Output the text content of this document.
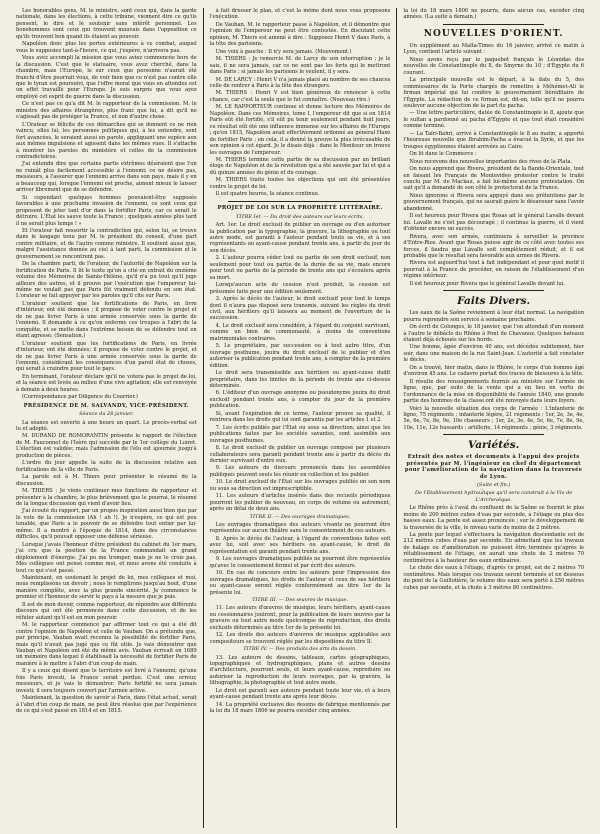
Les honorables gens, M. le ministre, sont ceux qui, dans la garde nationale, dans les élections, à cette tribune, viennent dire ce qu'ils pensent, le dire et le soutenir sans intérêt personnel. Les bonshommes sont ceux qui trouvent mauvais dans l'opposition ce qu'ils trouvent bon quand ils étaient au pouvoir.

Napoléon donc plus les portes extérieures à ce combat, auquel vous le supposiez tant-à-l'heure, ce qui, j'espère, n'arrivera pas.

Vous avez accompli la mission que vous aviez commencée hors de la discussion. C'est que le statuaire, vous avez cherché, dans la chambre, mais l'Europe, le sur ceux que personne n'aurait été franchi d'être pourrait vous, de voir bien que ce n'est pas contre elle que le tyran est poursuivi, que l'offre moral que vous en attendez est un effet travaillé pour l'Europe. Je suis surpris que vous ayez employé cet esprit de guerre dans la discussion.

Ce n'est pas ce qu'a dit M. le rapporteur de la commission. M. le ministre des affaires étrangères, plus franc que lui, a dit qu'il ne s'agissait pas de protéger la France, et non d'autre chose.

L'Orateur se félicite de ces démarches qui se donnent ce ne rien vaincu, elles lui, les personnes politiques qui, à les entendre, sont fort avancées, le seraient aussi en parole, appliquant une espèce aux aux mêmes impulsions et agissent dans les mêmes vues. Il s'attache à montrer les paroles du ministère et celles de la commission contradictoires.

J'ai entendu dire que certains partis extrêmes désiraient que l'on ne ruinât plus facilement accessible à l'ennemi; ce ne désire pas, messieurs, à l'assurer que l'ennemi arrive dans son pays, mais il y en a beaucoup qui, lorsque l'ennemi est proche, aiment mieux le laisser arriver librement que de se défendre.

Si cependant quelques hommes pouvaient-être supposés favorables à une prochaine invasion de l'ennemi, ce sont ceux qui proposent de jeter tant d'or dans la fortifier Paris, car ce serait le détruire. L'État les sauve toute la France ; quelques années plus tard il ne serait plus temps ! »

Et l'orateur fait ressortir la contradiction qui, selon lui, se trouve dans le langage tenu par M. le président du conseil, d'une part contre militaire, et de l'autre comme ministre. Il soutient aussi que, malgré l'assistance donnée au ciel à tant parti, la commission et le gouvernement se rencontrent pas.

De la chambre parti, de l'orateur, de l'autorité de Napoléon sur la fortification de Paris. Il lit le texte qu'on a cité en extrait du onzième volume des Mémoires de Sainte-Hélène, qu'il n'a pu tout qu'il juge ailleurs des autres, et il prouve par l'exécution que l'empereur lui-même ne voulait pas que Paris fût vraiment défendu en son état. L'orateur se fait appuyer par les paroles qu'il cite sur Paris.

L'orateur soutient que les fortifications de Paris, en livre d'intérieur, ont été données ; il propose de voter contre le projet et de ne pas livrer Paris à une armée conservée sous la garde de l'ennemi. Il demande à ce qu'on enferme ces troupes à l'abri de la conquête, et se mette dans l'extrême besoin de se défendre tout en étant agressé. (Sensation.)

L'orateur soutient que les fortifications de Paris, en livrée d'interieur, ont été données; il propose de voter contre le projet, et de ne pas livrer Paris à une armée conservée sous la garde de l'ennemi, considérant les conséquences d'un pareil état de choses, qui serait à craindre pour tout le pays.

En terminant, l'orateur déclare qu'il ne votera pas le projet de loi, et la séance est levée au milieu d'une vive agitation; elle est renvoyée à demain à deux heures.

(Correspondance par Diligence du Courrier.)

PRÉSIDENCE DE M. SALVANDY, VICE-PRÉSIDENT.
Séance du 28 janvier.

La séance est ouverte à une heure un quart. Le procès-verbal est lu et adopté.

M. DURAND DE ROMORANTIN présente le rapport de l'élection de M. Fauconnet de l'Isère qui succède par le 1er collège du Loiret. L'élection est validée; mais l'admission de l'élu est ajournée jusqu'à production de pièces.

L'ordre du jour appelle la suite de la discussion relative aux fortifications de la ville de Paris.

La parole est à M. Thiers pour présenter le résumé de la discussion.

M. THIERS : Je viens continuer mes fonctions de rapporteur et présenter à la chambre, le plus brièvement que le pourrai, le résumé de la longue discussion qui vient d'avoir lieu.

J'ai écouté du rapport, par un propos inspiration aussi bien que par le vote de la commission (Ah ! ah !). Je n'espère, ce qui est peu tenable, que Paris a le pouvoir de se défendre tout entier par lui-même. Il a montré à l'époque de 1814, dans des circonstances difficiles, qu'il pouvait opposer une défense sérieuse.

Lorsque j'avais l'honneur d'être président du cabinet du 1er mars, j'ai cru que la position de la France commandait un grand déploiement d'énergie. J'ai pu me tromper, mais je ne le crois pas. Mes collègues ont pensé comme moi, et nous avons été conduits à tout ce qui s'est passé.

Maintenant, en soutenant le projet de loi, mes collègues et moi, nous remplissons un devoir ; nous le remplirons jusqu'au bout, d'une manière complète, avec la plus grande sincérité. Je commence le premier et l'honneur de servir le pays à la mesure que je puis.

Il est de mon devoir, comme rapporteur, de répondre aux différents discours qui ont été prononcés dans cette discussion, et de les réfuter autant qu'il est en mon pouvoir.

M. le rapporteur commence par affirmer tout ce qui a été dit contre l'opinion de Napoléon et celle de Vauban. On a prétendu que, par principe, Vauban avait reconnu la possibilité de fortifier Paris, mais qu'il n'avait pas jugé que ce fût utile. Je vais démontrer que Vauban et Napoléon ont été du même avis. Vauban écrivait en 1689 un mémoire dans lequel il établissait la nécessité de fortifier Paris de manière à le mettre à l'abri d'un coup de main.

Il y a ceux qui disent que le territoire est livré à l'ennemi; qu'une fois Paris investi, la France serait perdue. C'est une erreur, messieurs, et je vais le démontrer. Paris fortifié ne sera jamais investi; il sera toujours couvert par l'armée active.

Maintenant, la question de savoir si Paris, dans l'état actuel, serait à l'abri d'un coup de main, ne peut être résolue que par l'expérience de ce qui s'est passé en 1814 et en 1815.

à fait dresser le plan, et c'est la même dont nous vous proposons l'exécution.

De Vauban, M. le rapporteur passe à Napoléon, et il démontre que l'opinion de l'empereur ne peut être contestée. En discutant cette opinion, M. Thiers est amené à dire : Supposez Henri V dans Paris, à la tête des parisiens.

Une voix à gauche : Il n'y sera jamais. (Mouvement.)

M. THIERS : Je remercie M. de Larcy de son interruption ; je le sais, il ne sera jamais, car ce ne sont pas les forts qui le mettront dans Paris ; si jamais les parisiens le veulent, il y sera.

M. DE LARCY : Henri V n'a jamais placé au nombre de ses chances celle de rentrer à Paris à la tête des étrangers.

M. THIERS : Henri V est bien généreux de renoncer à cette chance, car c'est la seule que le fut connaître. (Nouveau rire.)

M. LE RAPPORTEUR continue et donne lecture des Mémoires de Napoléon. Dans ces Mémoires, tome I, l'empereur dit que si en 1814 Paris eût été fortifié, s'il eût pu tenir seulement pendant huit jours, ce résultat eût été une influence immense sur les affaires de l'Europe ; qu'en 1815, Napoléon avait effectivement ordonné au général Haxo de fortifier Paris ; en cela, il a donné la preuve la plus irrécusable de son opinion à cet égard. Je le disais déjà : dans le Moniteur on trouve les ouvrages de l'empereur.

M. THIERS termine cette partie de sa discussion par un brillant éloge de Napoléon et de la révolution qui a été sauvée par lui et qui a dû quinze années du génie et du courage.

M. THIERS traite toutes les objections qui ont été présentées contre le projet de loi.

Il est quatre heures, la séance continue.

PROJET DE LOI SUR LA PROPRIÉTÉ LITTÉRAIRE.
TITRE Ier. — Du droit des auteurs sur leurs écrits.

Art. 1er. Le droit exclusif de publier un ouvrage ou d'en autoriser la publication par la typographie, la gravure, la lithographie ou tout autre mode, est garanti à l'auteur pendant toute sa vie, et à ses représentants ou ayant-cause pendant trente ans, à partir du jour de son décès.

2. L'auteur pourra céder tout ou partie de son droit exclusif, non seulement pour tout ou partie de la durée de sa vie, mais encore pour tout ou partie de la période de trente ans qui s'écoulera après sa mort.

Lorsqu'aucun acte de cession n'est produit, la cession est présumée faite pour une édition seulement.

3. Après le décès de l'auteur, le droit exclusif pour tout le temps dont il n'aura pas disposé sera transmis, suivant les règles du droit civil, aux héritiers qu'il laissera au moment de l'ouverture de la succession.

4. Le droit exclusif sera considéré, à l'égard du conjoint survivant, comme un bien de communauté, à moins de conventions matrimoniales contraires.

5. Le propriétaire, par succession ou à tout autre titre, d'un ouvrage posthume, jouira du droit exclusif de le publier et d'en autoriser la publication pendant trente ans, à compter de la première édition.

Le droit sera transmissible aux héritiers ou ayant-cause dudit propriétaire, dans les limites de la période de trente ans ci-dessus déterminée.

6. L'éditeur d'un ouvrage anonyme ou pseudonyme jouira du droit exclusif pendant trente ans, à compter du jour de la première publication.

Si, avant l'expiration de ce terme, l'auteur prouve sa qualité, il rentrera dans les droits qui lui sont garantis par les articles 1 et 2.

7. Les écrits publiés par l'État ou sous sa direction, ainsi que les publications faites par les sociétés savantes, sont assimilés aux ouvrages posthumes.

8. Le droit exclusif de publier un ouvrage composé par plusieurs collaborateurs sera garanti pendant trente ans à partir du décès du dernier survivant d'entre eux.

9. Les auteurs de discours prononcés dans les assemblées publiques peuvent seuls les réunir en collection et les publier.

10. Le droit exclusif de l'État sur les ouvrages publiés en son nom ou sous sa direction est imprescriptible.

11. Les auteurs d'articles insérés dans des recueils périodiques pourront les publier de nouveau, en corps de volume ou autrement, après un délai de deux ans.

TITRE II. — Des ouvrages dramatiques.

Les ouvrages dramatiques des auteurs vivants ne pourront être représentés sur aucun théâtre sans le consentement de ces auteurs.

8. Après le décès de l'auteur, à l'égard de conventions faites soit avec lui, soit avec ses héritiers ou ayant-cause, le droit de représentation est garanti pendant trente ans.

9. Les ouvrages dramatiques publiés ne pourront être représentés qu'avec le consentement formel et par écrit des auteurs.

10. En cas de concours entre les auteurs pour l'impression des ouvrages dramatiques, les droits de l'auteur et ceux de ses héritiers ou ayant-cause seront réglés conformément au titre 1er de la présente loi.

TITRE III. — Des œuvres de musique.

11. Les auteurs d'œuvres de musique, leurs héritiers, ayant-cause ou cessionnaires jouiront, pour la publication de leurs œuvres par la gravure ou tout autre mode quelconque de reproduction, des droits exclusifs déterminés au titre 1er de la présente loi.

12. Les droits des auteurs d'œuvres de musique applicables aux compositeurs se trouvent réglés par les dispositions du titre II.

TITRE IV. — Des produits des arts du dessin.

13. Les auteurs de dessins, tableaux, cartes géographiques, topographiques et hydrographiques, plans et autres dessins d'architecture, pourront seuls, et leurs ayant-cause, reproduire ou autoriser la reproduction de leurs ouvrages, par la gravure, la lithographie, la photographie et tout autre mode.

Le droit est garanti aux auteurs pendant toute leur vie, et à leurs ayant-cause pendant trente ans après leur décès.

14. La propriété exclusive des dessins de fabrique mentionnés par la loi du 18 mars 1806 ne pourra excéder cinq années.

la loi du 18 mars 1806 ne pourra, dans aucun cas, excéder cinq années. (La suite à demain.)

NOUVELLES D'ORIENT.

Un supplément au Malta-Times du 16 janvier, arrivé ce matin à Lyon, contient l'article suivant :

Nous avons reçu par le paquebot français le Léonidas des nouvelles de Constantinople du 8, de Smyrne du 10 ; d'Égypte du 6 courant.

La principale nouvelle est le départ, à la date du 5, des commissaires de la Porte chargés de remettre à Méhémet-Ali le firman impérial qui lui confère le gouvernement héréditaire de l'Égypte. La rédaction de ce firman est, dit-on, telle qu'il ne pourra soulever aucune objection de la part du pacha.

— Une lettre particulière, datée de Constantinople le 8, ajoute que le sultan a pardonné au pacha d'Égypte et que tout était considéré comme terminé.

— La Taïri-Bahri, arrivé à Constantinople le 8 au matin, a apporté l'heureuse nouvelle que Ibrahim-Pacha a évacué la Syrie, et que les troupes égyptiennes étaient arrivées au Caire.

On lit dans le Commerce :

Nous recevons des nouvelles importantes des rives de la Plata.

On nous apprend que Rivera, président de la Bande-Orientale, tout en faisant les Français de Montevideo protester contre le traité conclu par M. de Mackau, a fait lui-même aucune protestation. On sait qu'il a demandé de son côté le protectorat de la France.

Nous ignorons si Rivera sera appuyé dans ses prétentions par le gouvernement français, qui ne saurait guère le désavouer sans l'avoir abandonné.

Il est heureux pour Rivera que Rosas ait le général Lavalle devant lui. Lavalle ne s'est pas découragé ; il continue la guerre, et il vient d'obtenir encore un succès.

Rivera, avec son armée, continuera à surveiller la province d'Entre-Rios. Avant que Rosas puisse agir de ce côté avec toutes ses forces, il faudra que Lavalle soit complètement réduit, et il est probable que le résultat sera favorable aux armes de Rivera.

Rivera est aujourd'hui tout à fait indépendant et pour quel motif il pourrait à la France de procéder, en raison de l'établissement d'un régime intérieur.

Il est heureux pour Rivera que le général Lavalle devant lui.

Faits Divers.

Les eaux de la Saône reviennent à leur état normal. La navigation pourra reprendre son service à semaine prochaine.

On écrit de Colonges, le 18 janvier, que l'on attendait d'un moment à l'autre le débâcle du Rhône à Pont de Chavanoz. Quelques bateaux étaient déjà échoués sur les bords.

Une femme, âgée d'environ 40 ans, est décédée subitement, hier soir, dans une maison de la rue Saint-Jean. L'autorité a fait constater le décès.

On a trouvé, hier matin, dans le Rhône, le corps d'un homme âgé d'environ 45 ans. Le cadavre portait des traces de blessures à la tête.

Il résulte des renseignements fournis au ministre sur l'armée de ligne, que, par suite de la vente qui a en lieu en vertu de l'ordonnance de la mise en disponibilité de l'année 1840, une grande partie des hommes de la classe ont été renvoyés dans leurs foyers.

Voici la nouvelle situation des corps de l'armée : L'infanterie de ligne, 75 régiments ; infanterie légère, 21 régiments ; 1er, 2e, 3e, 4e, 5e, 6e, 7e, 8e, 9e, 10e chasseurs ; 1er, 2e, 3e, 4e, 5e, 6e, 7e, 8e, 9e, 10e, 11e, 12e hussards ; artillerie, 14 régiments ; génie, 3 régiments.

Variétés.
Extrait des notes et documents à l'appui des projets présentés par M. l'ingénieur en chef du département pour l'amélioration de la navigation dans la traversée de Lyon.
(Suite et fin.)
De l'Établissement hydraulique qu'il sera construit à la Vie de L'Archevêque.

Le Rhône près à l'aval du confluent de la Saône se fournit le plus moins de 200 mètres cubes d'eau par seconde, à l'étiage ou plus des basses eaux. La pente est assez prononcée ; sur le développement de la traversée de la ville, le niveau varie de moins de 2 mètres.

La pente par lequel s'effectuera la navigation descendante est de 212 mètres cubes d'eau par seconde. En admettant que les travaux de halage ou d'amélioration ne puissent être terminés qu'après le rétablissement de l'étiage, on aurait une chute de 2 mètres 70 centimètres à la hauteur des eaux ordinaires.

Le chute des eaux à l'étiage, d'après ce projet, est de 2 mètres 70 centimètres. Mais lorsque ces travaux seront terminés et en dessous du pont de la Guillotière, le volume des eaux sera porté à 250 mètres cubes par seconde, et la chute à 3 mètres 80 centimètres.
